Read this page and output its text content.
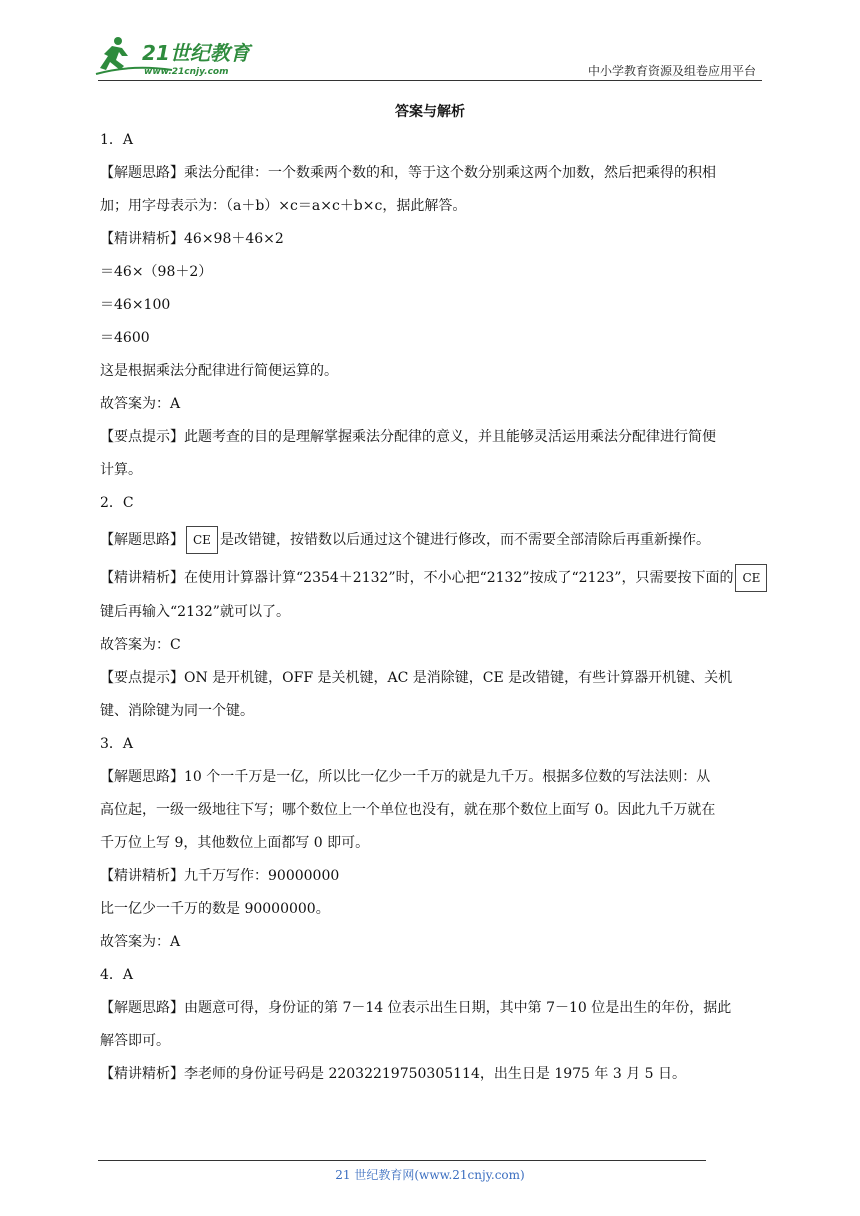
21世纪教育
www.21cnjy.com	中小学教育资源及组卷应用平台
答案与解析
1．A
【解题思路】乘法分配律：一个数乘两个数的和，等于这个数分别乘这两个加数，然后把乘得的积相
加；用字母表示为：（a＋b）×c＝a×c＋b×c，据此解答。
【精讲精析】46×98＋46×2
＝46×（98＋2）
＝46×100
＝4600
这是根据乘法分配律进行简便运算的。
故答案为：A
【要点提示】此题考查的目的是理解掌握乘法分配律的意义，并且能够灵活运用乘法分配律进行简便
计算。
2．C
【解题思路】 CE 是改错键，按错数以后通过这个键进行修改，而不需要全部清除后再重新操作。
【精讲精析】在使用计算器计算“2354＋2132”时，不小心把“2132”按成了“2123”，只需要按下面的 CE
键后再输入“2132”就可以了。
故答案为：C
【要点提示】ON 是开机键，OFF 是关机键，AC 是消除键，CE 是改错键，有些计算器开机键、关机
键、消除键为同一个键。
3．A
【解题思路】10 个一千万是一亿，所以比一亿少一千万的就是九千万。根据多位数的写法法则：从
高位起，一级一级地往下写；哪个数位上一个单位也没有，就在那个数位上面写 0。因此九千万就在
千万位上写 9，其他数位上面都写 0 即可。
【精讲精析】九千万写作：90000000
比一亿少一千万的数是 90000000。
故答案为：A
4．A
【解题思路】由题意可得，身份证的第 7－14 位表示出生日期，其中第 7－10 位是出生的年份，据此
解答即可。
【精讲精析】李老师的身份证号码是 22032219750305114，出生日是 1975 年 3 月 5 日。
21 世纪教育网(www.21cnjy.com)
